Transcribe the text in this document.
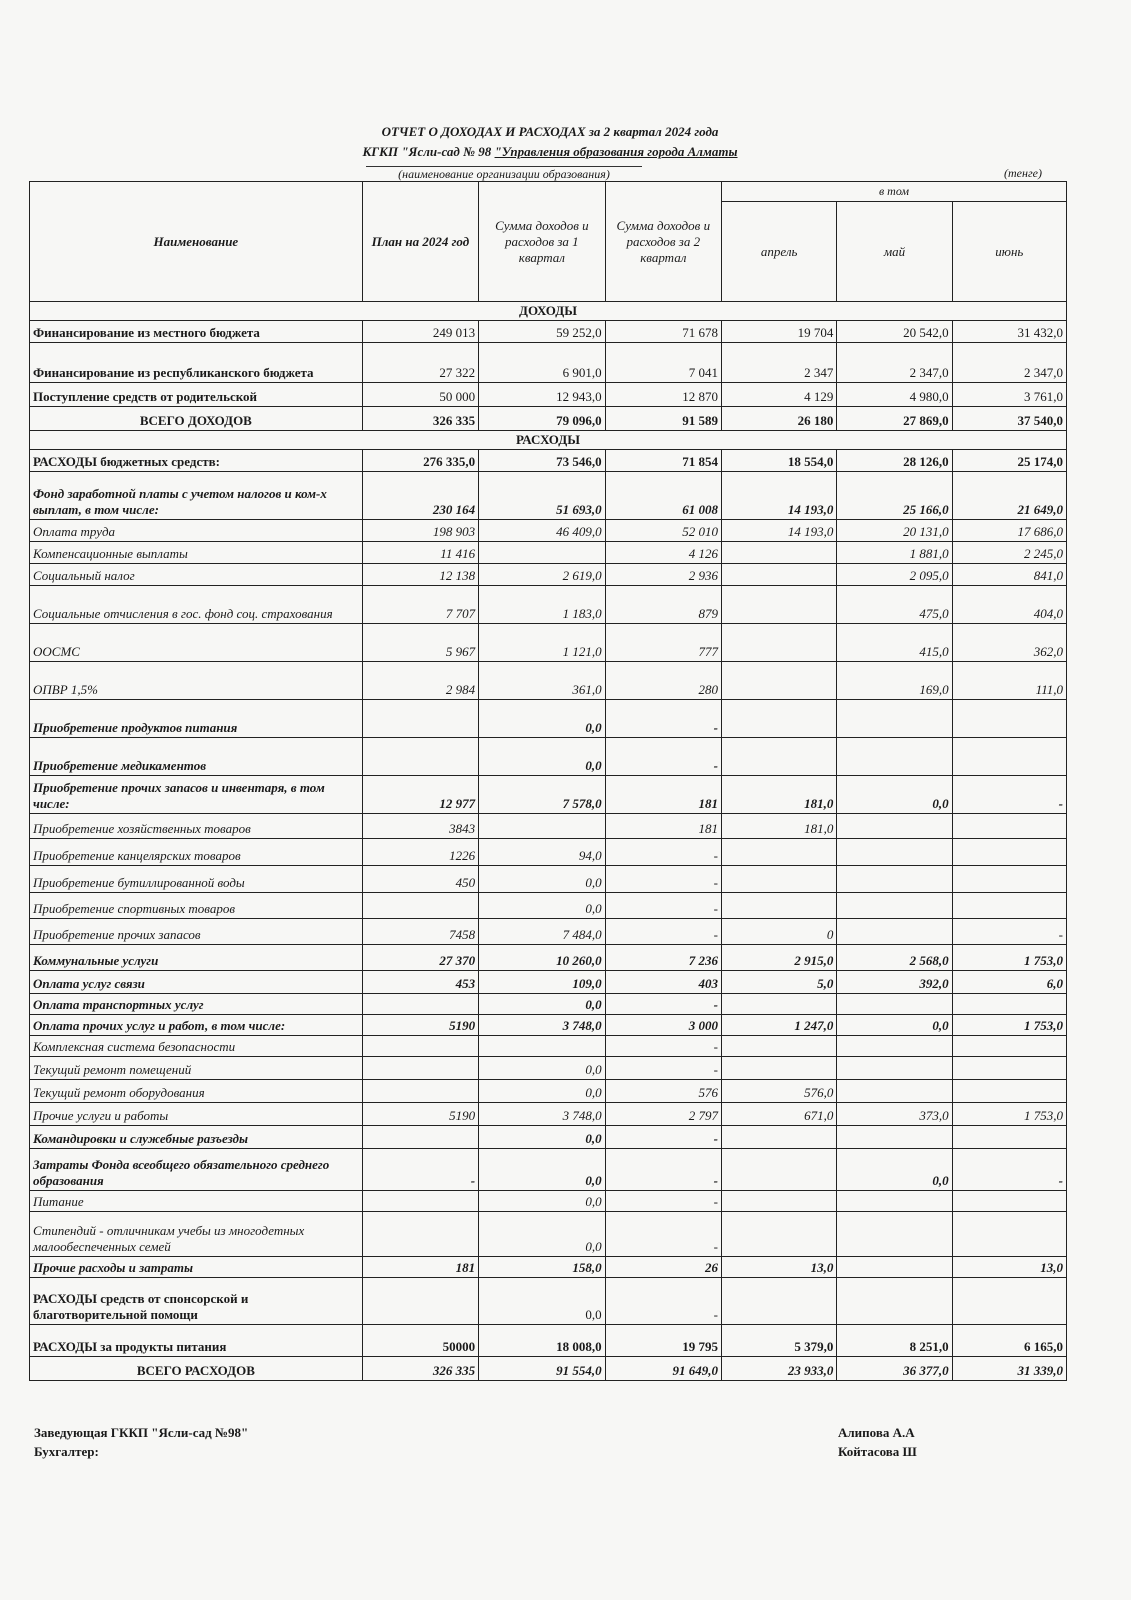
ОТЧЕТ О ДОХОДАХ И РАСХОДАХ за 2 квартал 2024 года
КГКП "Ясли-сад № 98 "Управления образования города Алматы
(наименование организации образования)	(тенге)
Наименование	План на 2024 год	Сумма доходов и расходов за 1 квартал	Сумма доходов и расходов за 2 квартал	в том		
				апрель	май	июнь
ДОХОДЫ						
Финансирование из местного бюджета	249 013	59 252,0	71 678	19 704	20 542,0	31 432,0
Финансирование из республиканского бюджета	27 322	6 901,0	7 041	2 347	2 347,0	2 347,0
Поступление средств от родительской	50 000	12 943,0	12 870	4 129	4 980,0	3 761,0
ВСЕГО ДОХОДОВ	326 335	79 096,0	91 589	26 180	27 869,0	37 540,0
РАСХОДЫ						
РАСХОДЫ бюджетных средств:	276 335,0	73 546,0	71 854	18 554,0	28 126,0	25 174,0
Фонд заработной платы с учетом налогов и ком-х выплат, в том числе:	230 164	51 693,0	61 008	14 193,0	25 166,0	21 649,0
Оплата труда	198 903	46 409,0	52 010	14 193,0	20 131,0	17 686,0
Компенсационные выплаты	11 416		4 126		1 881,0	2 245,0
Социальный налог	12 138	2 619,0	2 936		2 095,0	841,0
Социальные отчисления в гос. фонд соц. страхования	7 707	1 183,0	879		475,0	404,0
ООСМС	5 967	1 121,0	777		415,0	362,0
ОПВР 1,5%	2 984	361,0	280		169,0	111,0
Приобретение продуктов питания		0,0	-			
Приобретение медикаментов		0,0	-			
Приобретение прочих запасов и инвентаря, в том числе:	12 977	7 578,0	181	181,0	0,0	-
Приобретение хозяйственных товаров	3843		181	181,0		
Приобретение канцелярских товаров	1226	94,0	-			
Приобретение бутиллированной воды	450	0,0	-			
Приобретение спортивных товаров		0,0	-			
Приобретение прочих запасов	7458	7 484,0	-	0		-
Коммунальные услуги	27 370	10 260,0	7 236	2 915,0	2 568,0	1 753,0
Оплата услуг связи	453	109,0	403	5,0	392,0	6,0
Оплата транспортных услуг		0,0	-			
Оплата прочих услуг и работ, в том числе:	5190	3 748,0	3 000	1 247,0	0,0	1 753,0
Комплексная система безопасности			-			
Текущий ремонт помещений		0,0	-			
Текущий ремонт оборудования		0,0	576	576,0		
Прочие услуги и работы	5190	3 748,0	2 797	671,0	373,0	1 753,0
Командировки и служебные разъезды		0,0	-			
Затраты Фонда всеобщего обязательного среднего образования	-	0,0	-		0,0	-
Питание		0,0	-			
Стипендий - отличникам учебы из многодетных малообеспеченных семей		0,0	-			
Прочие расходы и затраты	181	158,0	26	13,0		13,0
РАСХОДЫ средств от спонсорской и благотворительной помощи		0,0	-			
РАСХОДЫ за продукты питания	50000	18 008,0	19 795	5 379,0	8 251,0	6 165,0
ВСЕГО РАСХОДОВ	326 335	91 554,0	91 649,0	23 933,0	36 377,0	31 339,0
Заведующая ГККП "Ясли-сад №98"
Бухгалтер:
Алипова А.А
Койтасова Ш
